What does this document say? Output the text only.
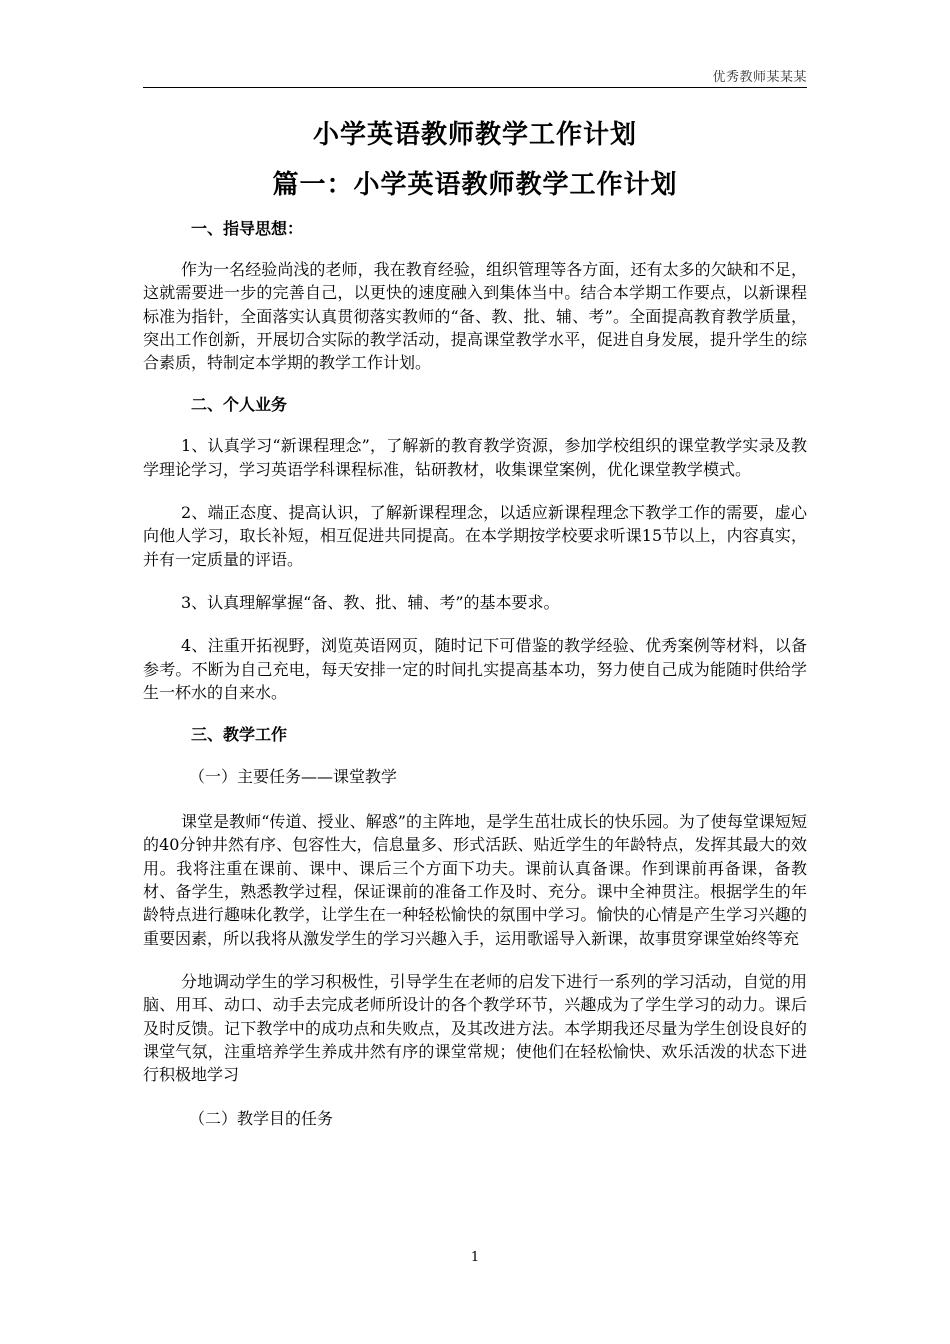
优秀教师某某某
小学英语教师教学工作计划
篇一：小学英语教师教学工作计划
一、指导思想：

作为一名经验尚浅的老师，我在教育经验，组织管理等各方面，还有太多的欠缺和不足，这就需要进一步的完善自己，以更快的速度融入到集体当中。结合本学期工作要点，以新课程标准为指针，全面落实认真贯彻落实教师的“备、教、批、辅、考”。全面提高教育教学质量，突出工作创新，开展切合实际的教学活动，提高课堂教学水平，促进自身发展，提升学生的综合素质，特制定本学期的教学工作计划。

二、个人业务

1、认真学习“新课程理念”，了解新的教育教学资源，参加学校组织的课堂教学实录及教学理论学习，学习英语学科课程标准，钻研教材，收集课堂案例，优化课堂教学模式。

2、端正态度、提高认识，了解新课程理念，以适应新课程理念下教学工作的需要，虚心向他人学习，取长补短，相互促进共同提高。在本学期按学校要求听课15节以上，内容真实，并有一定质量的评语。

3、认真理解掌握“备、教、批、辅、考”的基本要求。

4、注重开拓视野，浏览英语网页，随时记下可借鉴的教学经验、优秀案例等材料，以备参考。不断为自己充电，每天安排一定的时间扎实提高基本功，努力使自己成为能随时供给学生一杯水的自来水。

三、教学工作
（一）主要任务——课堂教学

课堂是教师“传道、授业、解惑”的主阵地，是学生茁壮成长的快乐园。为了使每堂课短短的40分钟井然有序、包容性大，信息量多、形式活跃、贴近学生的年龄特点，发挥其最大的效用。我将注重在课前、课中、课后三个方面下功夫。课前认真备课。作到课前再备课，备教材、备学生，熟悉教学过程，保证课前的准备工作及时、充分。课中全神贯注。根据学生的年龄特点进行趣味化教学，让学生在一种轻松愉快的氛围中学习。愉快的心情是产生学习兴趣的重要因素，所以我将从激发学生的学习兴趣入手，运用歌谣导入新课，故事贯穿课堂始终等充

分地调动学生的学习积极性，引导学生在老师的启发下进行一系列的学习活动，自觉的用脑、用耳、动口、动手去完成老师所设计的各个教学环节，兴趣成为了学生学习的动力。课后及时反馈。记下教学中的成功点和失败点，及其改进方法。本学期我还尽量为学生创设良好的课堂气氛，注重培养学生养成井然有序的课堂常规；使他们在轻松愉快、欢乐活泼的状态下进行积极地学习

（二）教学目的任务
1
